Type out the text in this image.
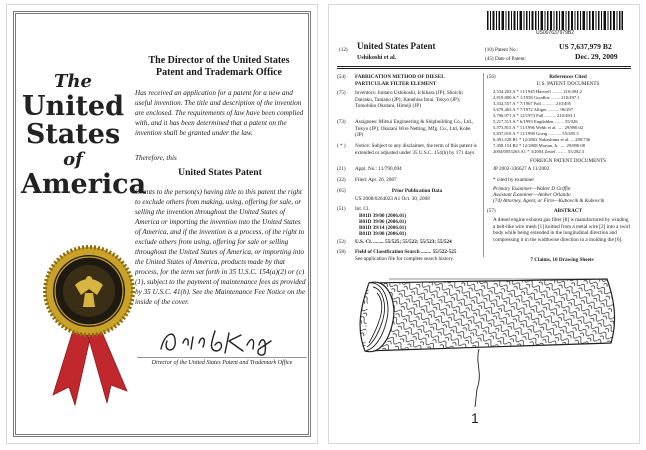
The
United
States
of
America
The Director of the United States Patent and Trademark Office
Has received an application for a patent for a new and useful invention. The title and description of the invention are enclosed. The requirements of law have been complied with, and it has been determined that a patent on the invention shall be granted under the law.
Therefore, this
United States Patent
Grants to the person(s) having title to this patent the right to exclude others from making, using, offering for sale, or selling the invention throughout the United States of America or importing the invention into the United States of America, and if the invention is a process, of the right to exclude others from using, offering for sale or selling throughout the United States of America, or importing into the United States of America, products made by that process, for the term set forth in 35 U.S.C. 154(a)(2) or (c)(1), subject to the payment of maintenance fees as provided by 35 U.S.C. 41(b). See the Maintenance Fee Notice on the inside of the cover.
Director of the United States Patent and Trademark Office
US007637979B2
(12) United States Patent
Ushikoshi et al.
(10) Patent No.:	US 7,637,979 B2
(45) Date of Patent:	Dec. 29, 2009
(54) FABRICATION METHOD OF DIESEL PARTICULAR FILTER ELEMENT
(75) Inventors: Juntaro Ushikoshi, Ichihara (JP); Shoichi Dairaku, Tamano (JP); Kanehisa Imai, Tokyo (JP); Tomohiko Okutani, Himeji (JP)
(73) Assignees: Mitsui Engineering & Shipbuilding Co., Ltd., Tokyo (JP); Okutani Wire Netting, Mfg. Co., Ltd, Kobe (JP)
( * ) Notice: Subject to any disclaimer, the term of this patent is extended or adjusted under 35 U.S.C. 154(b) by 171 days.
(21) Appl. No.: 11/790,694
(22) Filed: Apr. 26, 2007
(65)	Prior Publication Data
US 2008/0264023 A1 Oct. 30, 2008
(51) Int. Cl.
B01D 39/00 (2006.01)
B01D 39/06 (2006.01)
B01D 39/14 (2006.01)
B01D 39/08 (2006.01)
(52) U.S. Cl. ........ 55/525; 55/522; 55/523; 55/524
(58) Field of Classification Search ........ 55/522-525
See application file for complete search history.
(56)	References Cited
U.S. PATENT DOCUMENTS
2,534,203 A * 11/1945 Harwell ......... 210/494.2
2,819,800 A * 1/1958 Goodloe ........ 210/497.1
3,332,557 A * 7/1967 Pall ........... 210/495
3,679,463 A * 7/1972 Alliger .......... 96/297
3,796,971 A * 12/1973 Pall .......... 210/493.1
5,217,513 A * 6/1993 Engdahlen ........ 55/526
5,573,815 A * 11/1996 Webb et al. ..... 29/890.02
5,837,018 A * 11/1998 Goerg ........... 55/385.3
6,491,528 B1 * 12/2002 Nakashima et al. ... 280/736
7,458,154 B2 * 12/2008 Marian, Jr. ..... 29/890.08
2004/0055263 A1 * 3/2004 Zettel ......... 55/282.3
FOREIGN PATENT DOCUMENTS
JP 2002-336627 A 11/2002
* cited by examiner
Primary Examiner—Walter D Griffin
Assistant Examiner—Amber Orlando
(74) Attorney, Agent, or Firm—Kubovcik & Kubovcik
(57)	ABSTRACT
A diesel engine exhaust gas filter [8] is manufactured by winding a belt-like wire mesh [1] knitted from a metal wire [2] into a swirl body while being extended in the longitudinal direction and compressing it in the widthwise direction in a molding die [6].
7 Claims, 10 Drawing Sheets
1
